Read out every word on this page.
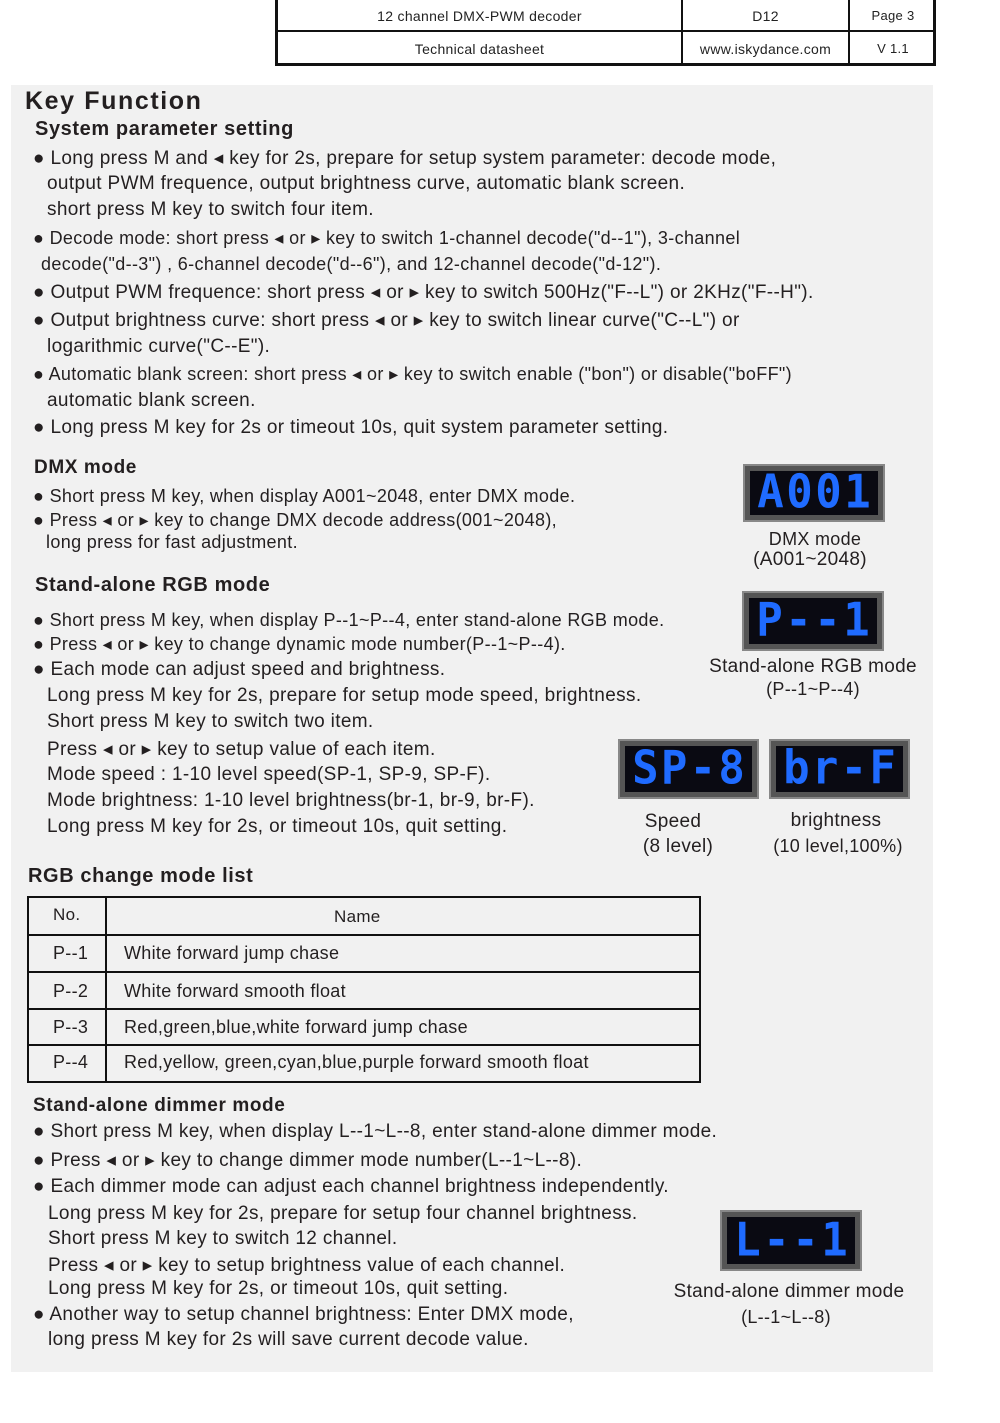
12 channel DMX-PWM decoder	D12	Page 3
Technical datasheet	www.iskydance.com	V 1.1
Key Function
System parameter setting
● Long press M and ◂ key for 2s, prepare for setup system parameter: decode mode,
output PWM frequence, output brightness curve, automatic blank screen.
short press M key to switch four item.
● Decode mode: short press ◂ or ▸ key to switch 1-channel decode("d--1"), 3-channel
decode("d--3") , 6-channel decode("d--6"), and 12-channel decode("d-12").
● Output PWM frequence: short press ◂ or ▸ key to switch 500Hz("F--L") or 2KHz("F--H").
● Output brightness curve: short press ◂ or ▸ key to switch linear curve("C--L") or
logarithmic curve("C--E").
● Automatic blank screen: short press ◂ or ▸ key to switch enable ("bon") or disable("boFF")
automatic blank screen.
● Long press M key for 2s or timeout 10s, quit system parameter setting.
DMX mode
● Short press M key, when display A001~2048, enter DMX mode.
● Press ◂ or ▸ key to change DMX decode address(001~2048),
long press for fast adjustment.
A 0 0 1
DMX mode
(A001~2048)
Stand-alone RGB mode
● Short press M key, when display P--1~P--4, enter stand-alone RGB mode.
● Press ◂ or ▸ key to change dynamic mode number(P--1~P--4).
● Each mode can adjust speed and brightness.
Long press M key for 2s, prepare for setup mode speed, brightness.
Short press M key to switch two item.
Press ◂ or ▸ key to setup value of each item.
Mode speed : 1-10 level speed(SP-1, SP-9, SP-F).
Mode brightness: 1-10 level brightness(br-1, br-9, br-F).
Long press M key for 2s, or timeout 10s, quit setting.
P - - 1
Stand-alone RGB mode
(P--1~P--4)
S P - 8 b r - F
Speed
(8 level)
brightness
(10 level,100%)
RGB change mode list
No.	Name
P--1 White forward jump chase
P--2 White forward smooth float
P--3 Red,green,blue,white forward jump chase
P--4 Red,yellow, green,cyan,blue,purple forward smooth float
Stand-alone dimmer mode
● Short press M key, when display L--1~L--8, enter stand-alone dimmer mode.
● Press ◂ or ▸ key to change dimmer mode number(L--1~L--8).
● Each dimmer mode can adjust each channel brightness independently.
Long press M key for 2s, prepare for setup four channel brightness.
Short press M key to switch 12 channel.
Press ◂ or ▸ key to setup brightness value of each channel.
Long press M key for 2s, or timeout 10s, quit setting.
● Another way to setup channel brightness: Enter DMX mode,
long press M key for 2s will save current decode value.
L - - 1
Stand-alone dimmer mode
(L--1~L--8)
